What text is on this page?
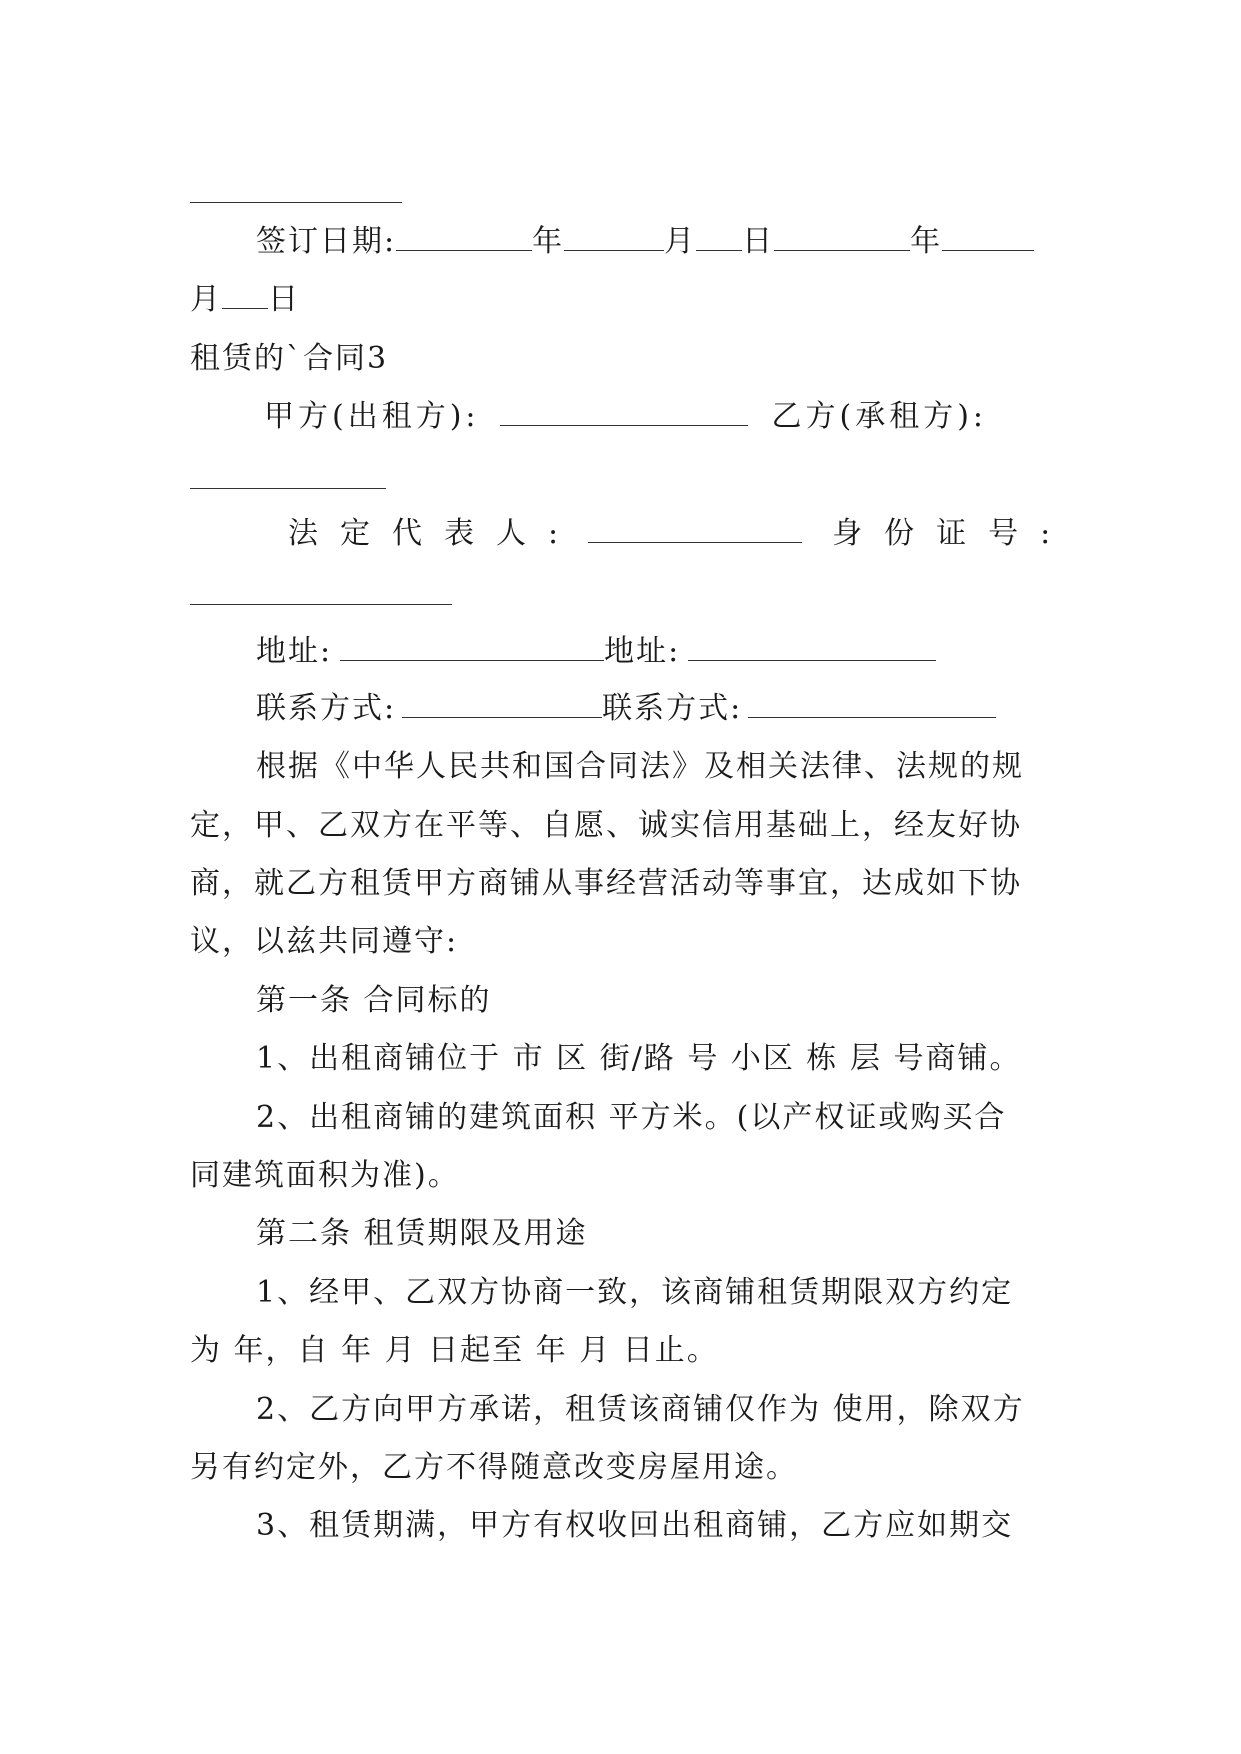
签订日期:	年	月 日	年
月 日
租赁的`合同3
甲方(出租方):	乙方(承租方):
法定代表人:	身份证号:
地址:	地址:
联系方式:	联系方式:
根据《中华人民共和国合同法》及相关法律、法规的规
定，甲、乙双方在平等、自愿、诚实信用基础上，经友好协
商，就乙方租赁甲方商铺从事经营活动等事宜，达成如下协
议，以兹共同遵守:
第一条 合同标的
1、出租商铺位于 市 区 街/路 号 小区 栋 层 号商铺。
2、出租商铺的建筑面积 平方米。(以产权证或购买合
同建筑面积为准)。
第二条 租赁期限及用途
1、经甲、乙双方协商一致，该商铺租赁期限双方约定
为 年，自 年 月 日起至 年 月 日止。
2、乙方向甲方承诺，租赁该商铺仅作为 使用，除双方
另有约定外，乙方不得随意改变房屋用途。
3、租赁期满，甲方有权收回出租商铺，乙方应如期交
